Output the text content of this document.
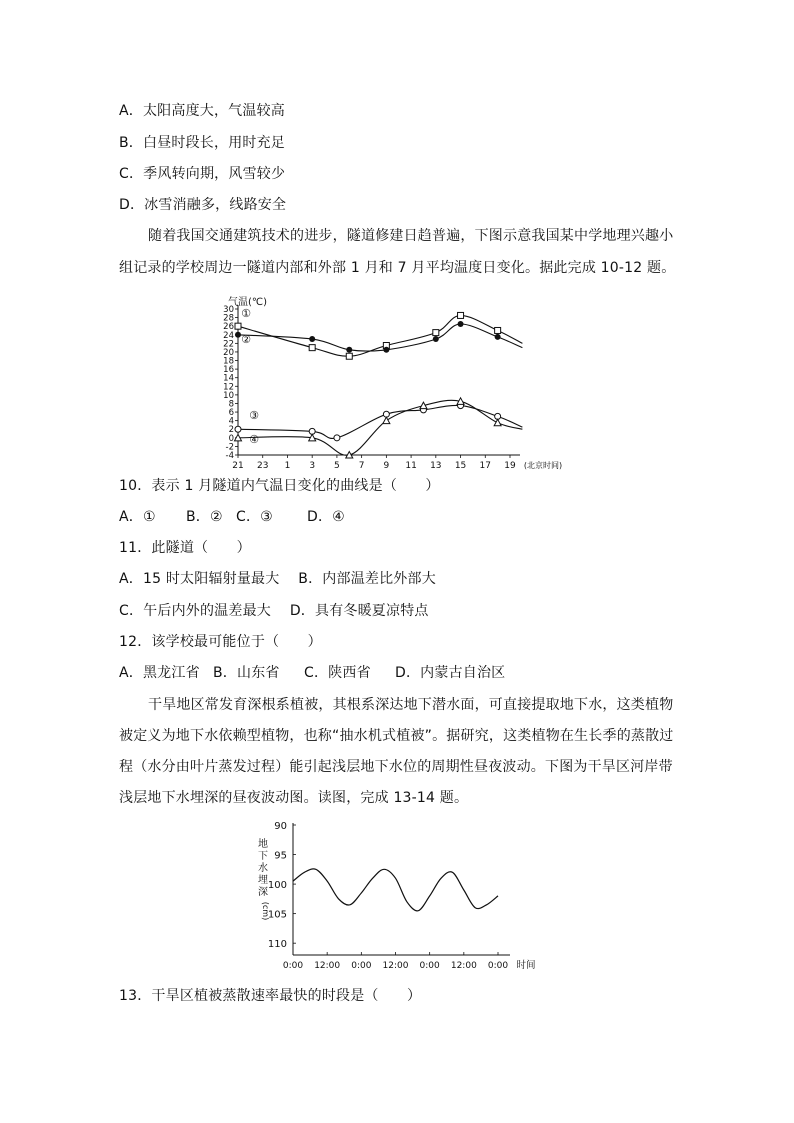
A．太阳高度大，气温较高
B．白昼时段长，用时充足
C．季风转向期，风雪较少
D．冰雪消融多，线路安全
随着我国交通建筑技术的进步，隧道修建日趋普遍，下图示意我国某中学地理兴趣小
组记录的学校周边一隧道内部和外部 1 月和 7 月平均温度日变化。据此完成 10-12 题。
气温(℃)
30
28
26
24
22
20
18
16
14
12
10
8
6
4
2
0
-2
-4
21 23 1 3 5 7 9 11 13 15 17 19 (北京时间)
①
②
③
④
10．表示 1 月隧道内气温日变化的曲线是（　　）
A．① B．② C．③ D．④
11．此隧道（　　）
A．15 时太阳辐射量最大　 B．内部温差比外部大
C．午后内外的温差最大　 D．具有冬暖夏凉特点
12．该学校最可能位于（　　）
A．黑龙江省 B．山东省 C．陕西省 D．内蒙古自治区
干旱地区常发育深根系植被，其根系深达地下潜水面，可直接提取地下水，这类植物
被定义为地下水依赖型植物，也称“抽水机式植被”。据研究，这类植物在生长季的蒸散过
程（水分由叶片蒸发过程）能引起浅层地下水位的周期性昼夜波动。下图为干旱区河岸带
浅层地下水埋深的昼夜波动图。读图，完成 13-14 题。
地下水埋深
(cm)
90
95
100
105
110
0:00 12:00 0:00 12:00 0:00 12:00 0:00 时间
13．干旱区植被蒸散速率最快的时段是（　　）
